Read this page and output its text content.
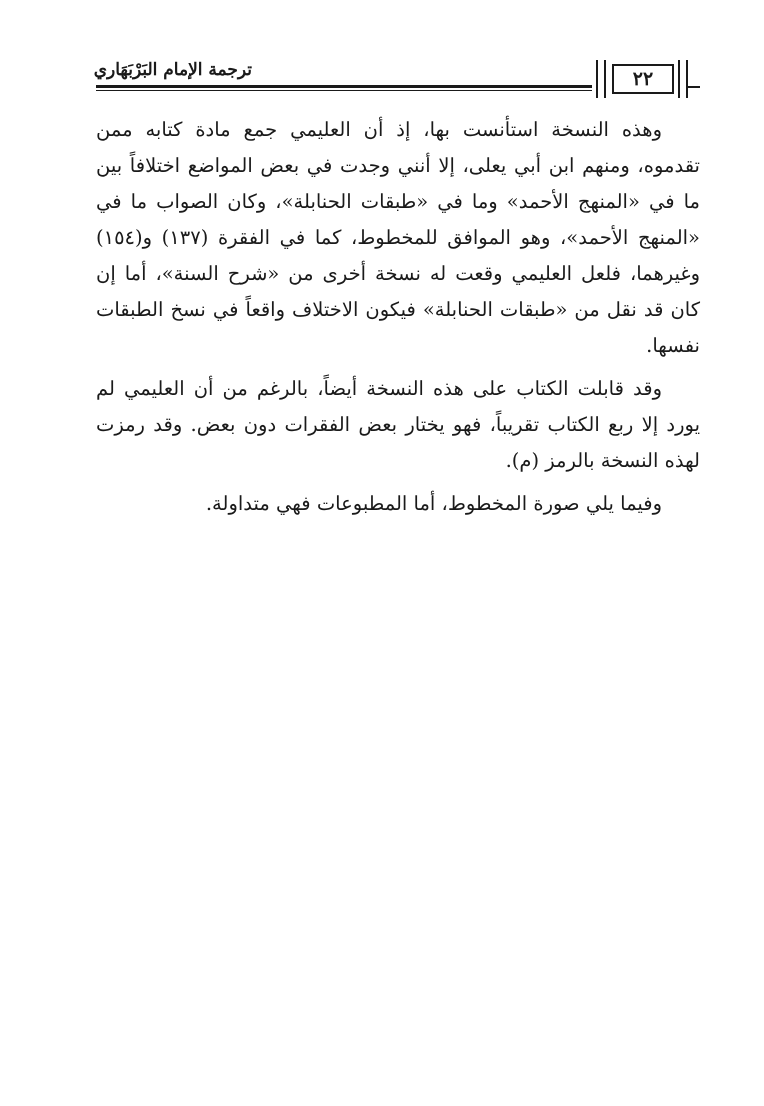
ترجمة الإمام البَرْبَهَاري	٢٢

وهذه النسخة استأنست بها، إذ أن العليمي جمع مادة كتابه ممن تقدموه، ومنهم ابن أبي يعلى، إلا أنني وجدت في بعض المواضع اختلافاً بين ما في «المنهج الأحمد» وما في «طبقات الحنابلة»، وكان الصواب ما في «المنهج الأحمد»، وهو الموافق للمخطوط، كما في الفقرة (١٣٧) و(١٥٤) وغيرهما، فلعل العليمي وقعت له نسخة أخرى من «شرح السنة»، أما إن كان قد نقل من «طبقات الحنابلة» فيكون الاختلاف واقعاً في نسخ الطبقات نفسها.

وقد قابلت الكتاب على هذه النسخة أيضاً، بالرغم من أن العليمي لم يورد إلا ربع الكتاب تقريباً، فهو يختار بعض الفقرات دون بعض. وقد رمزت لهذه النسخة بالرمز (م).

وفيما يلي صورة المخطوط، أما المطبوعات فهي متداولة.
